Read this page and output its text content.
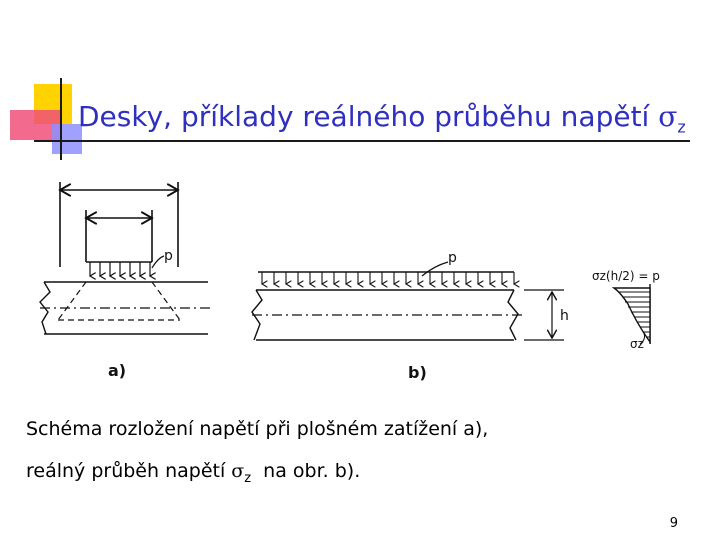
Desky, příklady reálného průběhu napětí $\sigma_z$
p
a)
p
h
b)
σz(h/2) = p
σz
Schéma rozložení napětí při plošném zatížení a),
reálný průběh napětí $\sigma_z$  na obr. b).
9
